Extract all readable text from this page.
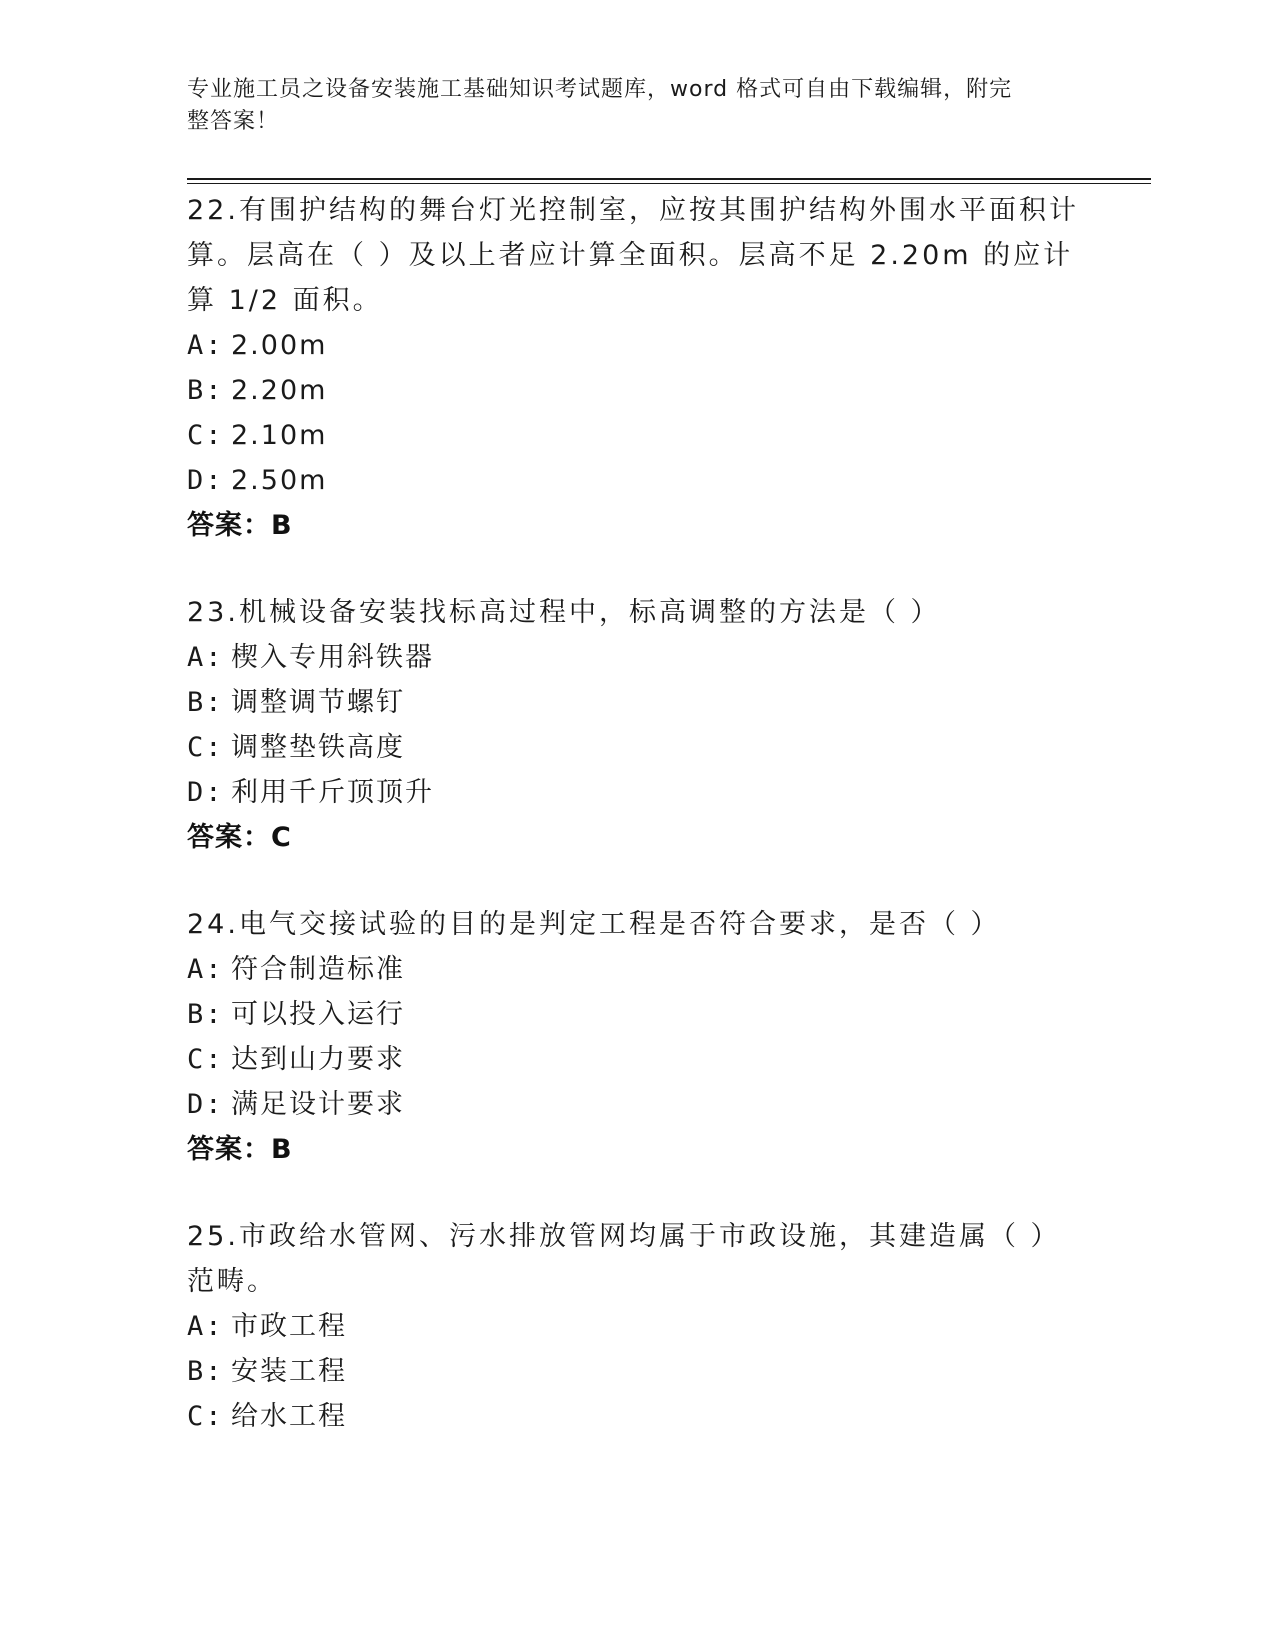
专业施工员之设备安装施工基础知识考试题库，word 格式可自由下载编辑，附完
整答案！
22.有围护结构的舞台灯光控制室，应按其围护结构外围水平面积计算。层高在（ ）及以上者应计算全面积。层高不足 2.20m 的应计算 1/2 面积。
A: 2.00m
B: 2.20m
C: 2.10m
D: 2.50m
答案：B
23.机械设备安装找标高过程中，标高调整的方法是（ ）
A: 楔入专用斜铁器
B: 调整调节螺钉
C: 调整垫铁高度
D: 利用千斤顶顶升
答案：C
24.电气交接试验的目的是判定工程是否符合要求，是否（ ）
A: 符合制造标准
B: 可以投入运行
C: 达到山力要求
D: 满足设计要求
答案：B
25.市政给水管网、污水排放管网均属于市政设施，其建造属（ ）范畴。
A: 市政工程
B: 安装工程
C: 给水工程
